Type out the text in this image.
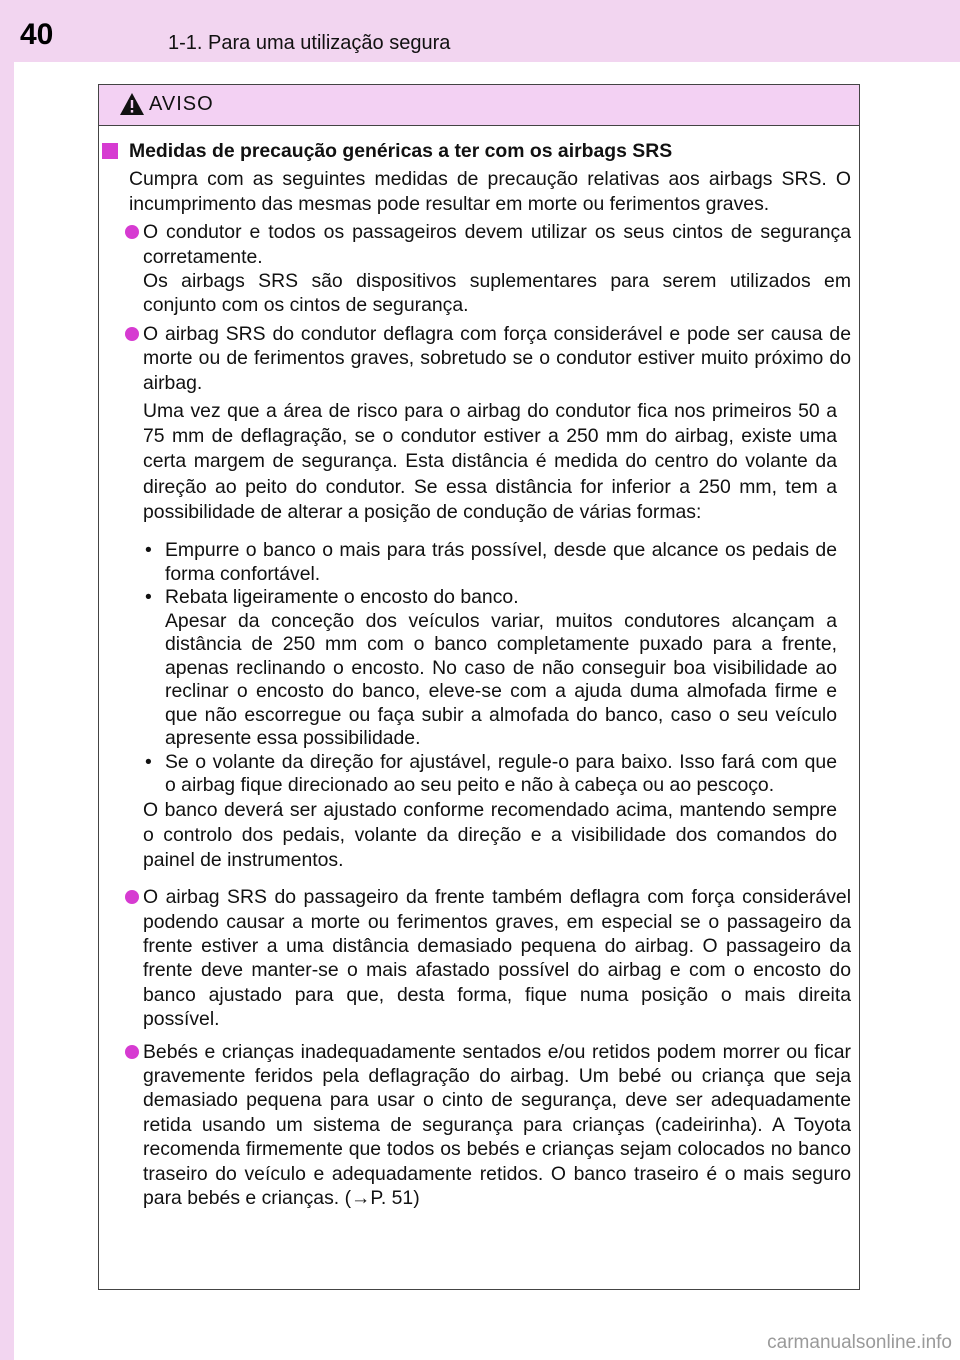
40	1-1. Para uma utilização segura
AVISO
Medidas de precaução genéricas a ter com os airbags SRS
Cumpra com as seguintes medidas de precaução relativas aos airbags SRS. O incumprimento das mesmas pode resultar em morte ou ferimentos graves.
O condutor e todos os passageiros devem utilizar os seus cintos de segurança corretamente.
Os airbags SRS são dispositivos suplementares para serem utilizados em conjunto com os cintos de segurança.
O airbag SRS do condutor deflagra com força considerável e pode ser causa de morte ou de ferimentos graves, sobretudo se o condutor estiver muito próximo do airbag.
Uma vez que a área de risco para o airbag do condutor fica nos primeiros 50 a 75 mm de deflagração, se o condutor estiver a 250 mm do airbag, existe uma certa margem de segurança. Esta distância é medida do centro do volante da direção ao peito do condutor. Se essa distância for inferior a 250 mm, tem a possibilidade de alterar a posição de condução de várias formas:
• Empurre o banco o mais para trás possível, desde que alcance os pedais de forma confortável.
• Rebata ligeiramente o encosto do banco.
Apesar da conceção dos veículos variar, muitos condutores alcançam a distância de 250 mm com o banco completamente puxado para a frente, apenas reclinando o encosto. No caso de não conseguir boa visibilidade ao reclinar o encosto do banco, eleve-se com a ajuda duma almofada firme e que não escorregue ou faça subir a almofada do banco, caso o seu veículo apresente essa possibilidade.
• Se o volante da direção for ajustável, regule-o para baixo. Isso fará com que o airbag fique direcionado ao seu peito e não à cabeça ou ao pescoço.
O banco deverá ser ajustado conforme recomendado acima, mantendo sempre o controlo dos pedais, volante da direção e a visibilidade dos comandos do painel de instrumentos.
O airbag SRS do passageiro da frente também deflagra com força considerável podendo causar a morte ou ferimentos graves, em especial se o passageiro da frente estiver a uma distância demasiado pequena do airbag. O passageiro da frente deve manter-se o mais afastado possível do airbag e com o encosto do banco ajustado para que, desta forma, fique numa posição o mais direita possível.
Bebés e crianças inadequadamente sentados e/ou retidos podem morrer ou ficar gravemente feridos pela deflagração do airbag. Um bebé ou criança que seja demasiado pequena para usar o cinto de segurança, deve ser adequadamente retida usando um sistema de segurança para crianças (cadeirinha). A Toyota recomenda firmemente que todos os bebés e crianças sejam colocados no banco traseiro do veículo e adequadamente retidos. O banco traseiro é o mais seguro para bebés e crianças. (→P. 51)
carmanualsonline.info
